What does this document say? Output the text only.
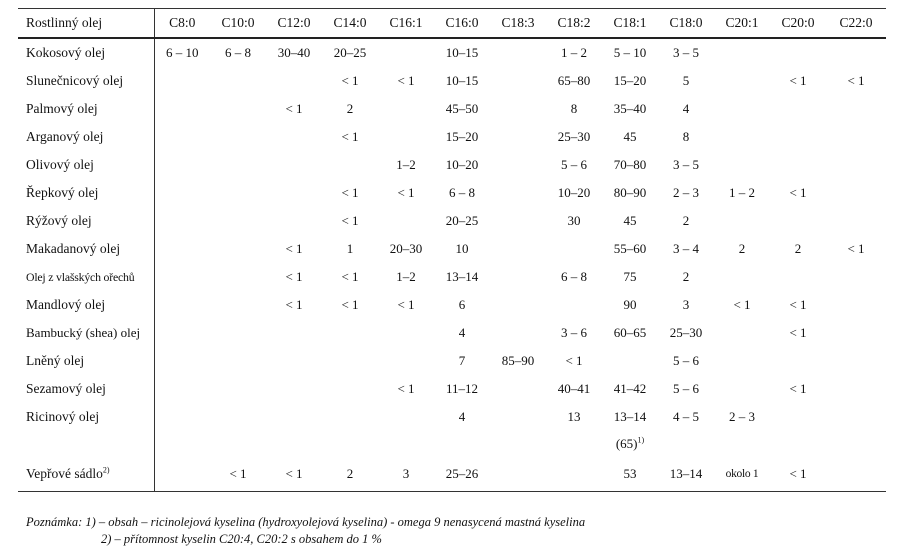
Rostlinný olej	C8:0	C10:0	C12:0	C14:0	C16:1	C16:0	C18:3	C18:2	C18:1	C18:0	C20:1	C20:0	C22:0
Kokosový olej	6 – 10	6 – 8	30–40	20–25		10–15		1 – 2	5 – 10	3 – 5			
Slunečnicový olej				< 1	< 1	10–15		65–80	15–20	5		< 1	< 1
Palmový olej			< 1	2		45–50		8	35–40	4			
Arganový olej				< 1		15–20		25–30	45	8			
Olivový olej					1–2	10–20		5 – 6	70–80	3 – 5			
Řepkový olej				< 1	< 1	6 – 8		10–20	80–90	2 – 3	1 – 2	< 1	
Rýžový olej				< 1		20–25		30	45	2			
Makadanový olej			< 1	1	20–30	10			55–60	3 – 4	2	2	< 1
Olej z vlašských ořechů			< 1	< 1	1–2	13–14		6 – 8	75	2			
Mandlový olej			< 1	< 1	< 1	6			90	3	< 1	< 1	
Bambucký (shea) olej						4		3 – 6	60–65	25–30		< 1	
Lněný olej						7	85–90	< 1		5 – 6			
Sezamový olej					< 1	11–12		40–41	41–42	5 – 6		< 1	
Ricinový olej						4		13	13–14	4 – 5	2 – 3		
									$(65)^{1)}$				
Vepřové sádlo$^{2)}$		< 1	< 1	2	3	25–26			53	13–14	okolo 1	< 1	
Poznámka: 1) – obsah – ricinolejová kyselina (hydroxyolejová kyselina) - omega 9 nenasycená mastná kyselina
2) – přítomnost kyselin C20:4, C20:2 s obsahem do 1 %
